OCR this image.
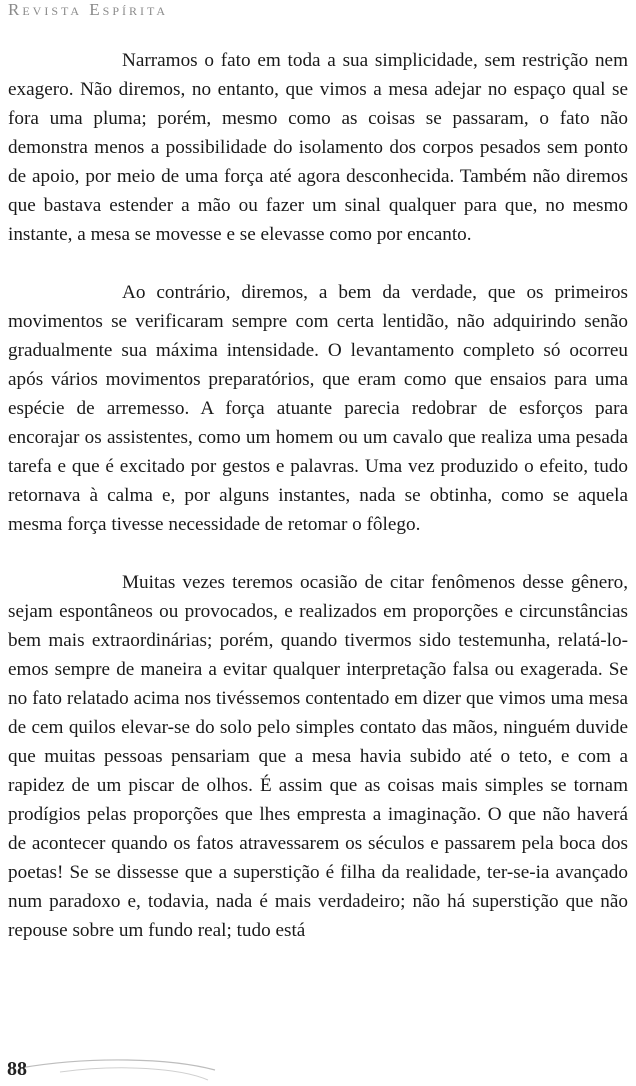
Revista Espírita

Narramos o fato em toda a sua simplicidade, sem restrição nem exagero. Não diremos, no entanto, que vimos a mesa adejar no espaço qual se fora uma pluma; porém, mesmo como as coisas se passaram, o fato não demonstra menos a possibilidade do isolamento dos corpos pesados sem ponto de apoio, por meio de uma força até agora desconhecida. Também não diremos que bastava estender a mão ou fazer um sinal qualquer para que, no mesmo instante, a mesa se movesse e se elevasse como por encanto.

Ao contrário, diremos, a bem da verdade, que os primeiros movimentos se verificaram sempre com certa lentidão, não adquirindo senão gradualmente sua máxima intensidade. O levantamento completo só ocorreu após vários movimentos preparatórios, que eram como que ensaios para uma espécie de arremesso. A força atuante parecia redobrar de esforços para encorajar os assistentes, como um homem ou um cavalo que realiza uma pesada tarefa e que é excitado por gestos e palavras. Uma vez produzido o efeito, tudo retornava à calma e, por alguns instantes, nada se obtinha, como se aquela mesma força tivesse necessidade de retomar o fôlego.

Muitas vezes teremos ocasião de citar fenômenos desse gênero, sejam espontâneos ou provocados, e realizados em proporções e circunstâncias bem mais extraordinárias; porém, quando tivermos sido testemunha, relatá-lo-emos sempre de maneira a evitar qualquer interpretação falsa ou exagerada. Se no fato relatado acima nos tivéssemos contentado em dizer que vimos uma mesa de cem quilos elevar-se do solo pelo simples contato das mãos, ninguém duvide que muitas pessoas pensariam que a mesa havia subido até o teto, e com a rapidez de um piscar de olhos. É assim que as coisas mais simples se tornam prodígios pelas proporções que lhes empresta a imaginação. O que não haverá de acontecer quando os fatos atravessarem os séculos e passarem pela boca dos poetas! Se se dissesse que a superstição é filha da realidade, ter-se-ia avançado num paradoxo e, todavia, nada é mais verdadeiro; não há superstição que não repouse sobre um fundo real; tudo está

88
